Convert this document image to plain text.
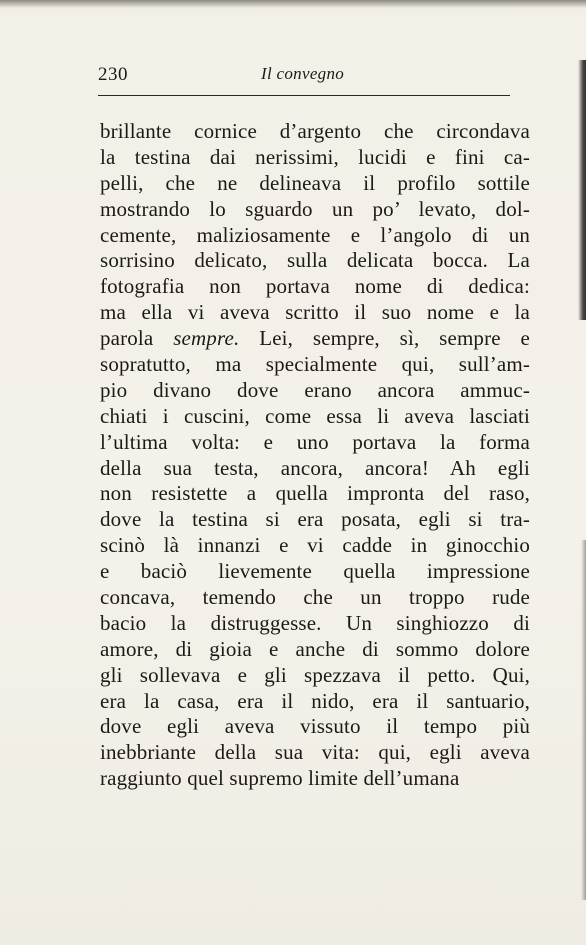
230	Il convegno
brillante cornice d’argento che circondava
la testina dai nerissimi, lucidi e fini ca-
pelli, che ne delineava il profilo sottile
mostrando lo sguardo un po’ levato, dol-
cemente, maliziosamente e l’angolo di un
sorrisino delicato, sulla delicata bocca. La
fotografia non portava nome di dedica:
ma ella vi aveva scritto il suo nome e la
parola sempre. Lei, sempre, sì, sempre e
sopratutto, ma specialmente qui, sull’am-
pio divano dove erano ancora ammuc-
chiati i cuscini, come essa li aveva lasciati
l’ultima volta: e uno portava la forma
della sua testa, ancora, ancora! Ah egli
non resistette a quella impronta del raso,
dove la testina si era posata, egli si tra-
scinò là innanzi e vi cadde in ginocchio
e baciò lievemente quella impressione
concava, temendo che un troppo rude
bacio la distruggesse. Un singhiozzo di
amore, di gioia e anche di sommo dolore
gli sollevava e gli spezzava il petto. Qui,
era la casa, era il nido, era il santuario,
dove egli aveva vissuto il tempo più
inebbriante della sua vita: qui, egli aveva
raggiunto quel supremo limite dell’umana
